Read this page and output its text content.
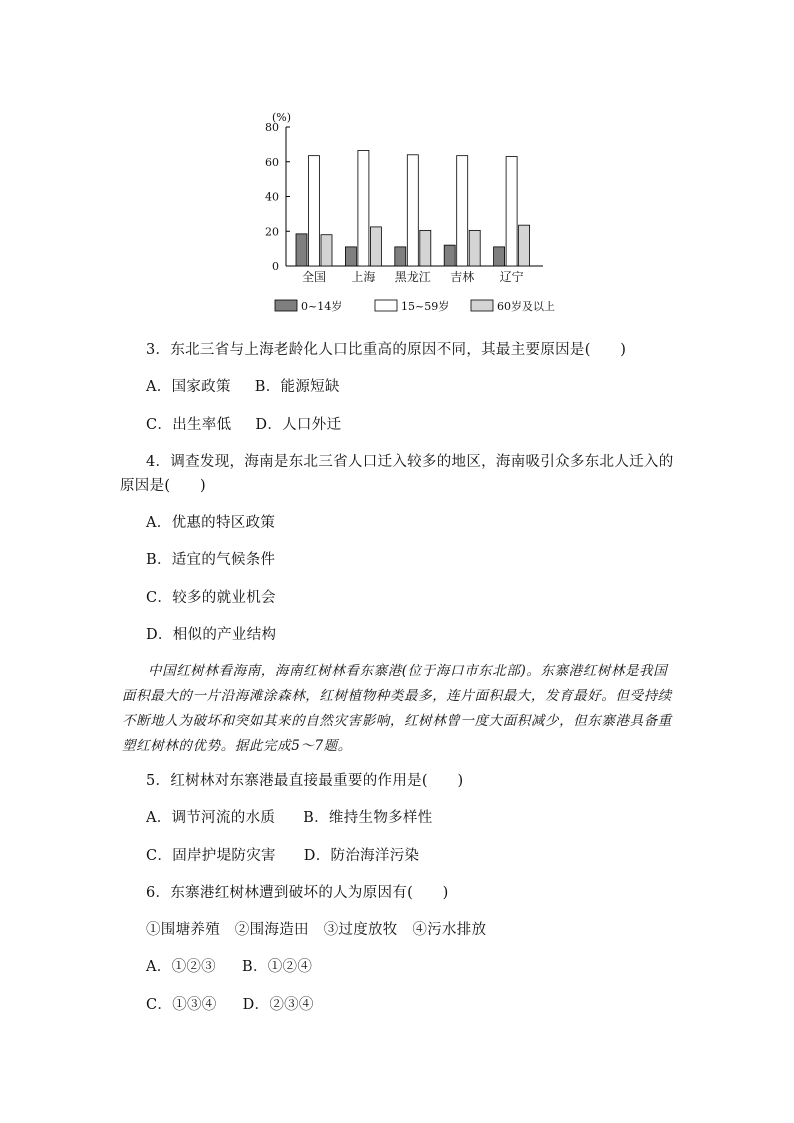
(%)
0
20
40
60
80
全国 上海 黑龙江 吉林 辽宁
0~14岁	15~59岁	60岁及以上
3．东北三省与上海老龄化人口比重高的原因不同，其最主要原因是(　　)
A．国家政策 B．能源短缺
C．出生率低 D．人口外迁
4．调查发现，海南是东北三省人口迁入较多的地区，海南吸引众多东北人迁入的原因是(　　)
A．优惠的特区政策
B．适宜的气候条件
C．较多的就业机会
D．相似的产业结构
中国红树林看海南，海南红树林看东寨港(位于海口市东北部)。东寨港红树林是我国面积最大的一片沿海滩涂森林，红树植物种类最多，连片面积最大，发育最好。但受持续不断地人为破坏和突如其来的自然灾害影响，红树林曾一度大面积减少，但东寨港具备重塑红树林的优势。据此完成5～7题。
5．红树林对东寨港最直接最重要的作用是(　　)
A．调节河流的水质 B．维持生物多样性
C．固岸护堤防灾害 D．防治海洋污染
6．东寨港红树林遭到破坏的人为原因有(　　)
①围塘养殖　②围海造田　③过度放牧　④污水排放
A．①②③ B．①②④
C．①③④ D．②③④
